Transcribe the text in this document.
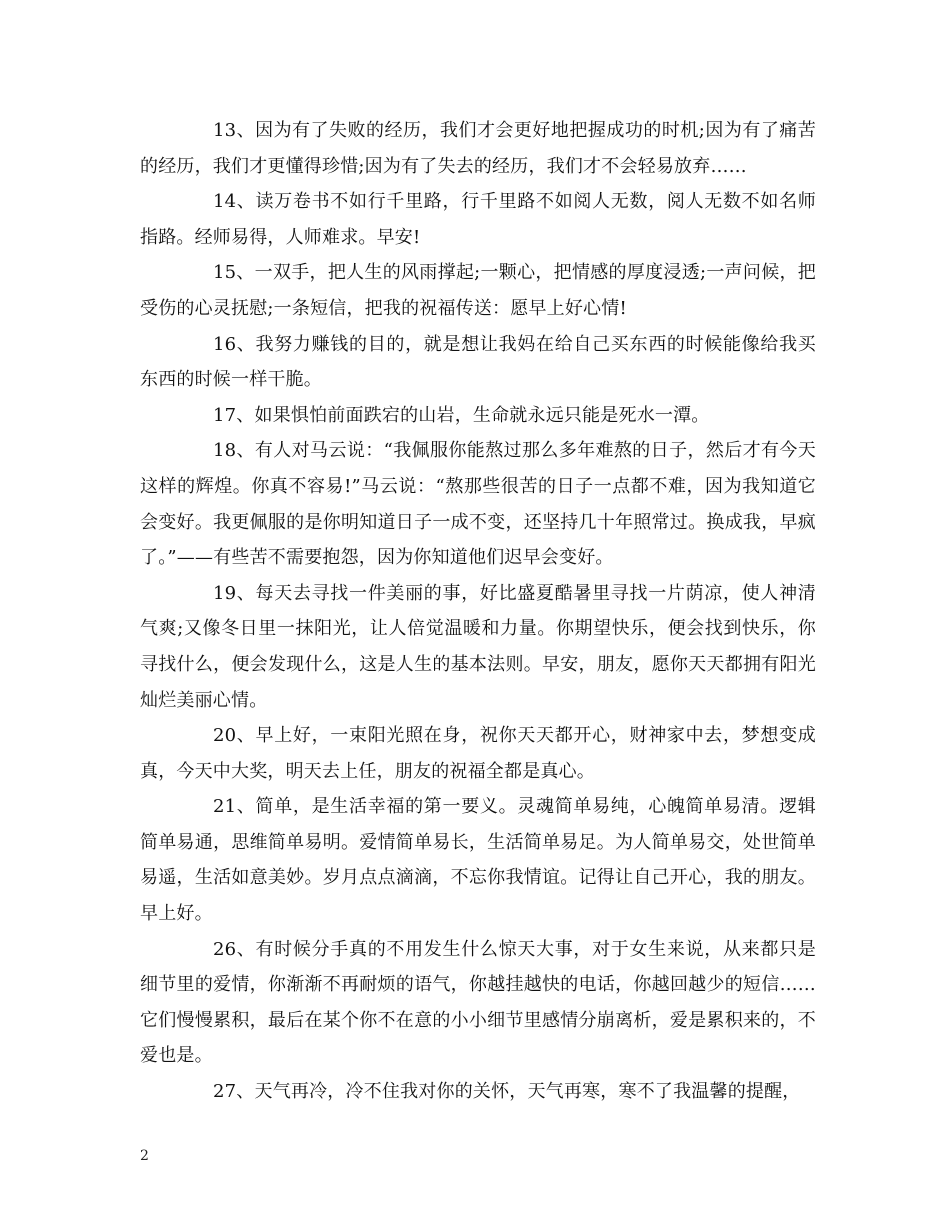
13、因为有了失败的经历，我们才会更好地把握成功的时机;因为有了痛苦的经历，我们才更懂得珍惜;因为有了失去的经历，我们才不会轻易放弃……

14、读万卷书不如行千里路，行千里路不如阅人无数，阅人无数不如名师指路。经师易得，人师难求。早安!

15、一双手，把人生的风雨撑起;一颗心，把情感的厚度浸透;一声问候，把受伤的心灵抚慰;一条短信，把我的祝福传送：愿早上好心情!

16、我努力赚钱的目的，就是想让我妈在给自己买东西的时候能像给我买东西的时候一样干脆。

17、如果惧怕前面跌宕的山岩，生命就永远只能是死水一潭。

18、有人对马云说：“我佩服你能熬过那么多年难熬的日子，然后才有今天这样的辉煌。你真不容易!”马云说：“熬那些很苦的日子一点都不难，因为我知道它会变好。我更佩服的是你明知道日子一成不变，还坚持几十年照常过。换成我，早疯了。”——有些苦不需要抱怨，因为你知道他们迟早会变好。

19、每天去寻找一件美丽的事，好比盛夏酷暑里寻找一片荫凉，使人神清气爽;又像冬日里一抹阳光，让人倍觉温暖和力量。你期望快乐，便会找到快乐，你寻找什么，便会发现什么，这是人生的基本法则。早安，朋友，愿你天天都拥有阳光灿烂美丽心情。

20、早上好，一束阳光照在身，祝你天天都开心，财神家中去，梦想变成真，今天中大奖，明天去上任，朋友的祝福全都是真心。

21、简单，是生活幸福的第一要义。灵魂简单易纯，心魄简单易清。逻辑简单易通，思维简单易明。爱情简单易长，生活简单易足。为人简单易交，处世简单易遥，生活如意美妙。岁月点点滴滴，不忘你我情谊。记得让自己开心，我的朋友。早上好。

26、有时候分手真的不用发生什么惊天大事，对于女生来说，从来都只是细节里的爱情，你渐渐不再耐烦的语气，你越挂越快的电话，你越回越少的短信……它们慢慢累积，最后在某个你不在意的小小细节里感情分崩离析，爱是累积来的，不爱也是。

27、天气再冷，冷不住我对你的关怀，天气再寒，寒不了我温馨的提醒，

2
